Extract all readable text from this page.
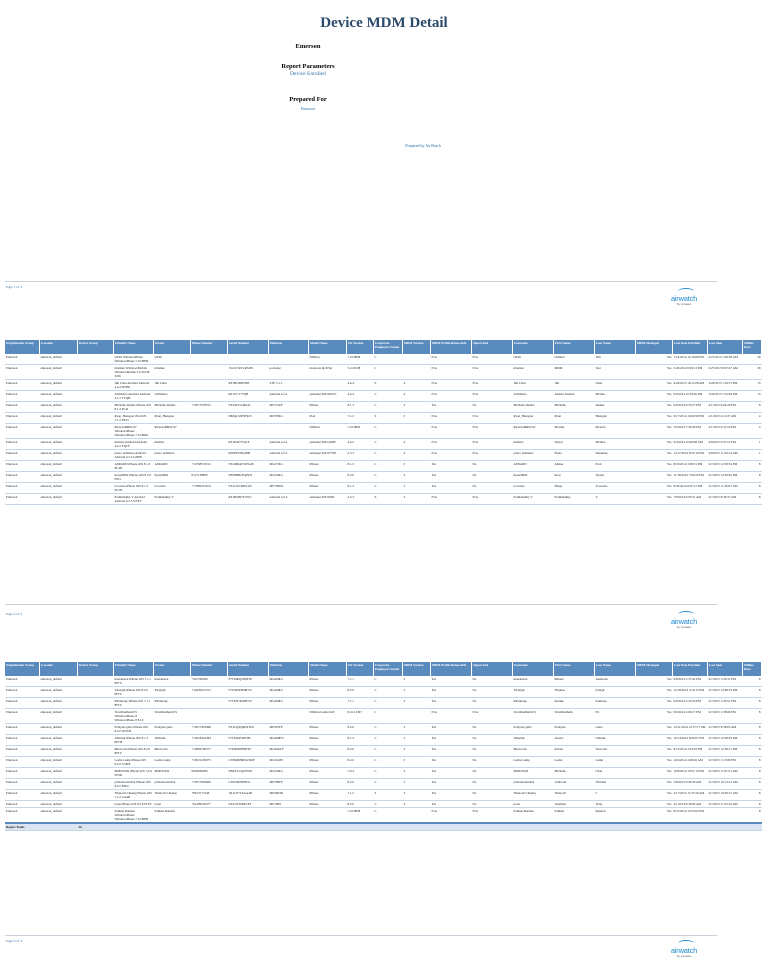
Device MDM Detail
Emerson
Report Parameters
Device Enrolled
Prepared For
Emerson
Prepared by AirWatch
Page 1 of 3
airwatch
by vmware
Organization Group	Location	Device Group	Friendly Name	Owner	Phone Number	Serial Number	Platform	Model Name	OS Version	Corporate - Employee Owned	MDM Version	MDM Profile Removable	Supervised	Username	First Name	Last Name	MDM Managed	Last Date Enrolled	Last Seen	Offline Days
Emerson	emerson_default		OTim WindowsPhone WindowsPhone 7.10.8858	OTim				NOKIA	7.10.8858	C		N/A	N/A	OTim	Osiman	Tim	Yes	7/14/2014 12:16:08 PM	2/27/2015 7:06:38 AM	39
Emerson	emerson_default		mdemer WindowsMobile WindowsMobile 5.2.29138 3265	mdemer		1S21C5033-R3205	pocketpc	motorola mc67nd	5.2.29138	C		N/A	N/A	mdemer	MDM	Test	Yes	5/26/2014 8:29:13 PM	2/27/2015 8:07:47 AM	39
Emerson	emerson_default		Jim Chen Android Android 4.4.4 DVBP	Jim Chen		RF1HGBDVBP	ZTE 5.1.1		4.4.4	E	4	N/A	N/A	Jim Chen	Jim	Chen	Yes	4/29/2015 10:11:08 AM	3/20/2015 1:19:13 PM	13
Emerson	emerson_default		AXMarno Android Android 4.1.2 TVQH	AXMarno		R21F17177QH	Android 4.1.2	samsung SM-N910V	4.4.4	C	4	N/A	N/A	AXMarno	Andrea Xiomar	Marino	Yes	9/9/2014 10:34:36 PM	3/20/2015 7:12:49 PM	13
Emerson	emerson_default		Michelle Dasher iPhone iOS 8.1.3 PL4J	Michelle Dasher	+19517678761	FXLMVG3RL4J	MF714ZP	iPhone	8.1.3	C	3	Yes	No	Michelle Dasher	Michelle	Dasher	Yes	9/8/2014 9:55:27 PM	4/1/2015 9:04:29 PM	8
Emerson	emerson_default		Ryan_Hanagan iPad iOS 7.1.2 FKJ3	Ryan_Hanagan		DMQL3ZF8FKJ3	MD785LL	iPad	7.1.2	S	3	N/A	N/A	Ryan_Hanagan	Ryan	Hanagan	Yes	9/17/2014 10:04:59 PM	4/1/2015 4:11:07 AM	4
Emerson	emerson_default		RicardoMRSC67 WindowsPhone WindowsPhone 7.10.8862	RicardoMRSC67				NOKIA	7.10.8862	C		N/A	N/A	RicardoMRSC67	Martins	Ricardo	Yes	2/9/2014 7:39:46 PM	4/1/2015 6:31:19 PM	4
Emerson	emerson_default		mediws Android Android 4.4.2 YQCF	mediws		RF1R427YQCF	Android 4.4.2	samsung SM-G900F	4.4.2	C	4	N/A	N/A	mediws	Nestor	Medina	Yes	9/4/2014 10:48:08 AM	4/8/2015 9:07:14 PM	1
Emerson	emerson_default		pietro delamare Android Android 4.3.3 GZRB	pietro delamare		R58F9YHGZRB	Android 4.3.3	samsung SM-N7708	4.3.3	C	4	N/A	N/A	pietro delamare	Pietro	Delamare	Yes	12/17/2014 8:52:16 PM	4/8/2015 11:34:14 AM	1
Emerson	emerson_default		APRADN iPhone iOS 8.1.3 PL4N	APRADN	+14798747191	FXLMR4CWPL4N	MG572LL	iPhone	8.1.3	C	3	Yes	No	APRADN	Ahmar	Pratt	Yes	8/19/2014 3:28:31 PM	4/7/2015 12:03:54 PM	8
Emerson	emerson_default		tipton0982 iPhone iOS 8.2.0 F9J3	tipton0982	6127138809	DNSBHKEQF9J3	MG542LL	iPhone	8.2.0	C	3	Yes	No	tipton0982	Ross	Tipton	Yes	11/18/2014 7:09:26 PM	4/7/2015 12:03:02 PM	8
Emerson	emerson_default		tocerado iPhone iOS 8.1.3 PL2N	tocerado	+17869451974	FXLL9V4RPL2N	MF708ZN	iPhone	8.1.3	C	3	Yes	No	tocerado	Helge	Tocerado	Yes	8/26/2014 8:07:12 PM	4/7/2015 11:36:07 AM	8
Emerson	emerson_default		Parthsmuthy V Android Android 4.3.3 YZXV	Parthsmuthy V		RF1H4997YZXV	Android 4.3.3	samsung SM-N900	4.3.3	E	4	N/A	N/A	Parthsmuthy V	Parthsmuthy	V	Yes	7/8/2014 9:03:31 AM	4/7/2015 8:36:37 AM	8
Page 2 of 3
airwatch
by vmware
Organization Group	Location	Device Group	Friendly Name	Owner	Phone Number	Serial Number	Platform	Model Name	OS Version	Corporate - Employee Owned	MDM Version	MDM Profile Removable	Supervised	Username	First Name	Last Name	MDM Managed	Last Date Enrolled	Last Seen	Offline Days
Emerson	emerson_default		mandersen iPhone iOS 7.1.1 8FT0	mandersen	+447786029	F7TMRQ3N8FT0	MG499LL	iPhone	7.1.1	C	3	Yes	No	mandersen	Mikael	Andersen	Yes	9/8/2014 1:37:42 PM	4/7/2015 1:26:31 PM	8
Emerson	emerson_default		TKreigh iPhone iOS 8.2.0 8FT0	TKreigh	+14939521372	F7TNDX8N8FT0	MG499LL	iPhone	8.2.0	C	3	Yes	No	TKreigh	Thomas	Kreigh	Yes	12/18/2014 3:16:15 PM	4/7/2015 12:48:33 PM	8
Emerson	emerson_default		RPaulerep iPhone iOS 7.1.1 8FT0	RPaulerep		F7TMV4LR8FT0	MG499LL	iPhone	7.1.1	C	3	Yes	No	RPaulerep	Ronnie	Paulerep	Yes	9/8/2014 2:23:56 PM	4/7/2015 1:43:51 PM	8
Emerson	emerson_default		VoraShudham ES WindowsPhone 8 WindowsPhone 8 8.10	VoraShudham ES				NOKIA Lumia 920	8.10.12397	C		N/A	N/A	VoraShudham ES	VoraShudham	ES	Yes	9/9/2014 2:09:17 PM	4/7/2015 1:38:06 PM	8
Emerson	emerson_default		Pomyles gallo iPhone iOS 8.2.0 DTWD	Pomyles gallo	+19517918498	FXJLQXQ9DTWD	ME297FP	iPhone	8.2.0	C	3	Yes	No	Pomyles gallo	Pomyles	Gallo	Yes	10/11/2014 12:57:17 PM	4/7/2015 9:58:05 AM	8
Emerson	emerson_default		JOlarnik iPhone iOS 8.1.3 8FTH	JOlarnik	+15618442384	F7TMJ4F48FTH	MG498FN	iPhone	8.1.3	C	3	Yes	No	JOlarnik	Jessica	Olarnik	Yes	10/14/2014 8:06:07 PM	4/7/2015 10:28:03 PM	8
Emerson	emerson_default		Bnewcom iPhone iOS 8.2.0 8FT0	Bnewcom	+14802769377	F7MRX8F88FT0	MG49GLF	iPhone	8.2.0	C	3	Yes	No	Bnewcom	Robert	Newcom	Yes	9/12/2014 3:23:18 PM	4/7/2015 12:39:11 PM	8
Emerson	emerson_default		Leslie Lump iPhone iOS 8.2.0 G5MY	Leslie Lump	+19519195975	C39MMHDSG5MY	MG502ZP	iPhone	8.2.0	C	3	Yes	No	Leslie Lump	Leslie	Lump	Yes	10/4/2014 4:48:26 AM	4/7/2015 1:13:09 PM	8
Emerson	emerson_default		MMCHAN iPhone iOS 7.0.4 FNJK	MMCHAN	9629836386	DNPLL1QZFNJK	MG542LL	iPhone	7.0.4	C	3	Yes	No	MMCHAN	Michelle	Chan	Yes	10/9/2014 10:51:10 PM	4/7/2015 11:01:51 AM	8
Emerson	emerson_default		pribrom.trinchal iPhone iOS 8.2.0 F8GC	pribrom.trinchal	+19517828400	C39L3RF8F8GC	ME789FP	iPhone	8.2.0	C	3	Yes	No	pribrom.trinchal	Arbbrom	Trinchal	Yes	2/8/2015 9:29:30 AM	4/7/2015 10:13:12 AM	8
Emerson	emerson_default		Thaitoch Cheung iPhone iOS 7.1.2 GA4D	Thaitoch Cheung	+8613717248	7R1LJCYXGA4D	ME900TR	iPhone	7.1.2	S	3	Yes	No	Thaitoch Cheung	Thaitoch	C	Yes	2/17/2015 11:37:29 AM	4/7/2015 10:03:15 AM	8
Emerson	emerson_default		pxon iPhone iOS 8.2.0 FLPT	pxon	+61409526377	FXLL9T9NFLPT	MF708X	iPhone	8.2.0	C	3	Yes	No	pxon	Jonathan	Yeon	Yes	4/1/2014 8:39:00 AM	4/7/2015 11:53:16 AM	8
Emerson	emerson_default		Samuel Randon WindowsPhone WindowsPhone 7.10.8858	Samuel Randon					7.10.8858	C		N/A	N/A	Samuel Randon	Samuel	Randon	Yes	8/21/2014 12:52:02 PM		8
Report Totals		26																		
Page 3 of 3
airwatch
by vmware
